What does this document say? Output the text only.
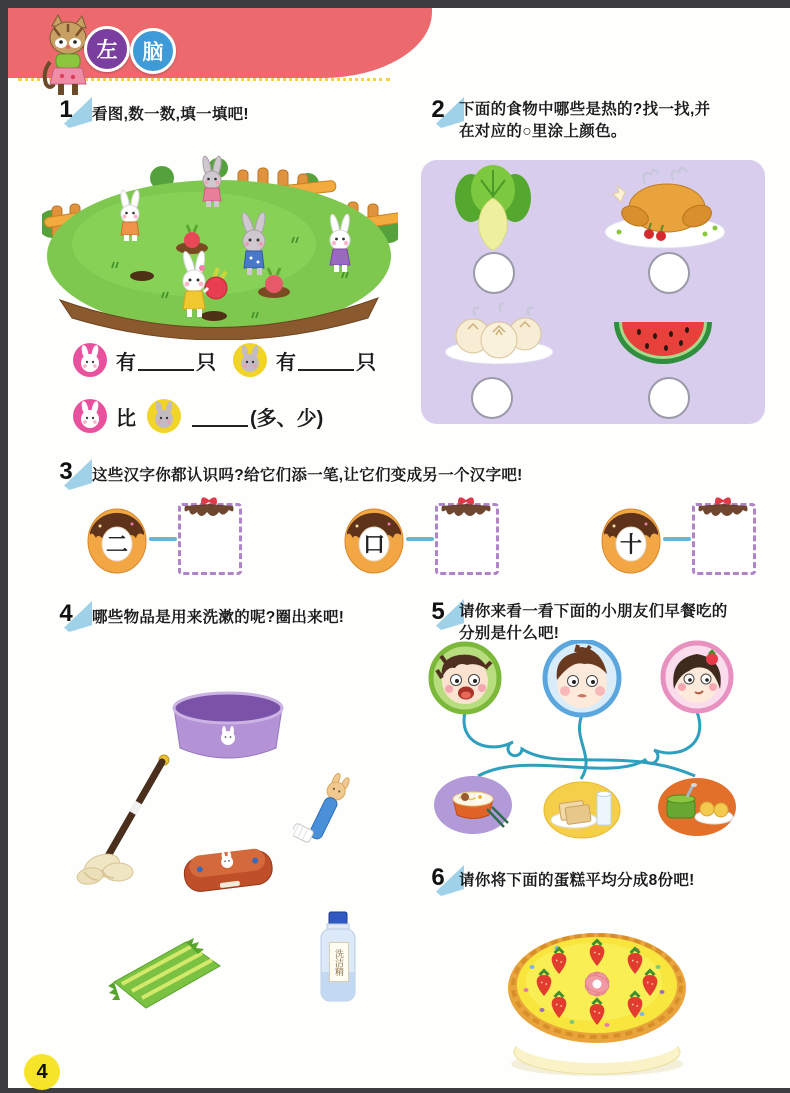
左 脑
1	看图,数一数,填一填吧!
有	只	有	只
比	(多、少)
2 下面的食物中哪些是热的?找一找,并
在对应的○里涂上颜色。
3	这些汉字你都认识吗?给它们添一笔,让它们变成另一个汉字吧!
二	口	十
4	哪些物品是用来洗漱的呢?圈出来吧!
洗洁精
5 请你来看一看下面的小朋友们早餐吃的
分别是什么吧!
6 请你将下面的蛋糕平均分成8份吧!
4
